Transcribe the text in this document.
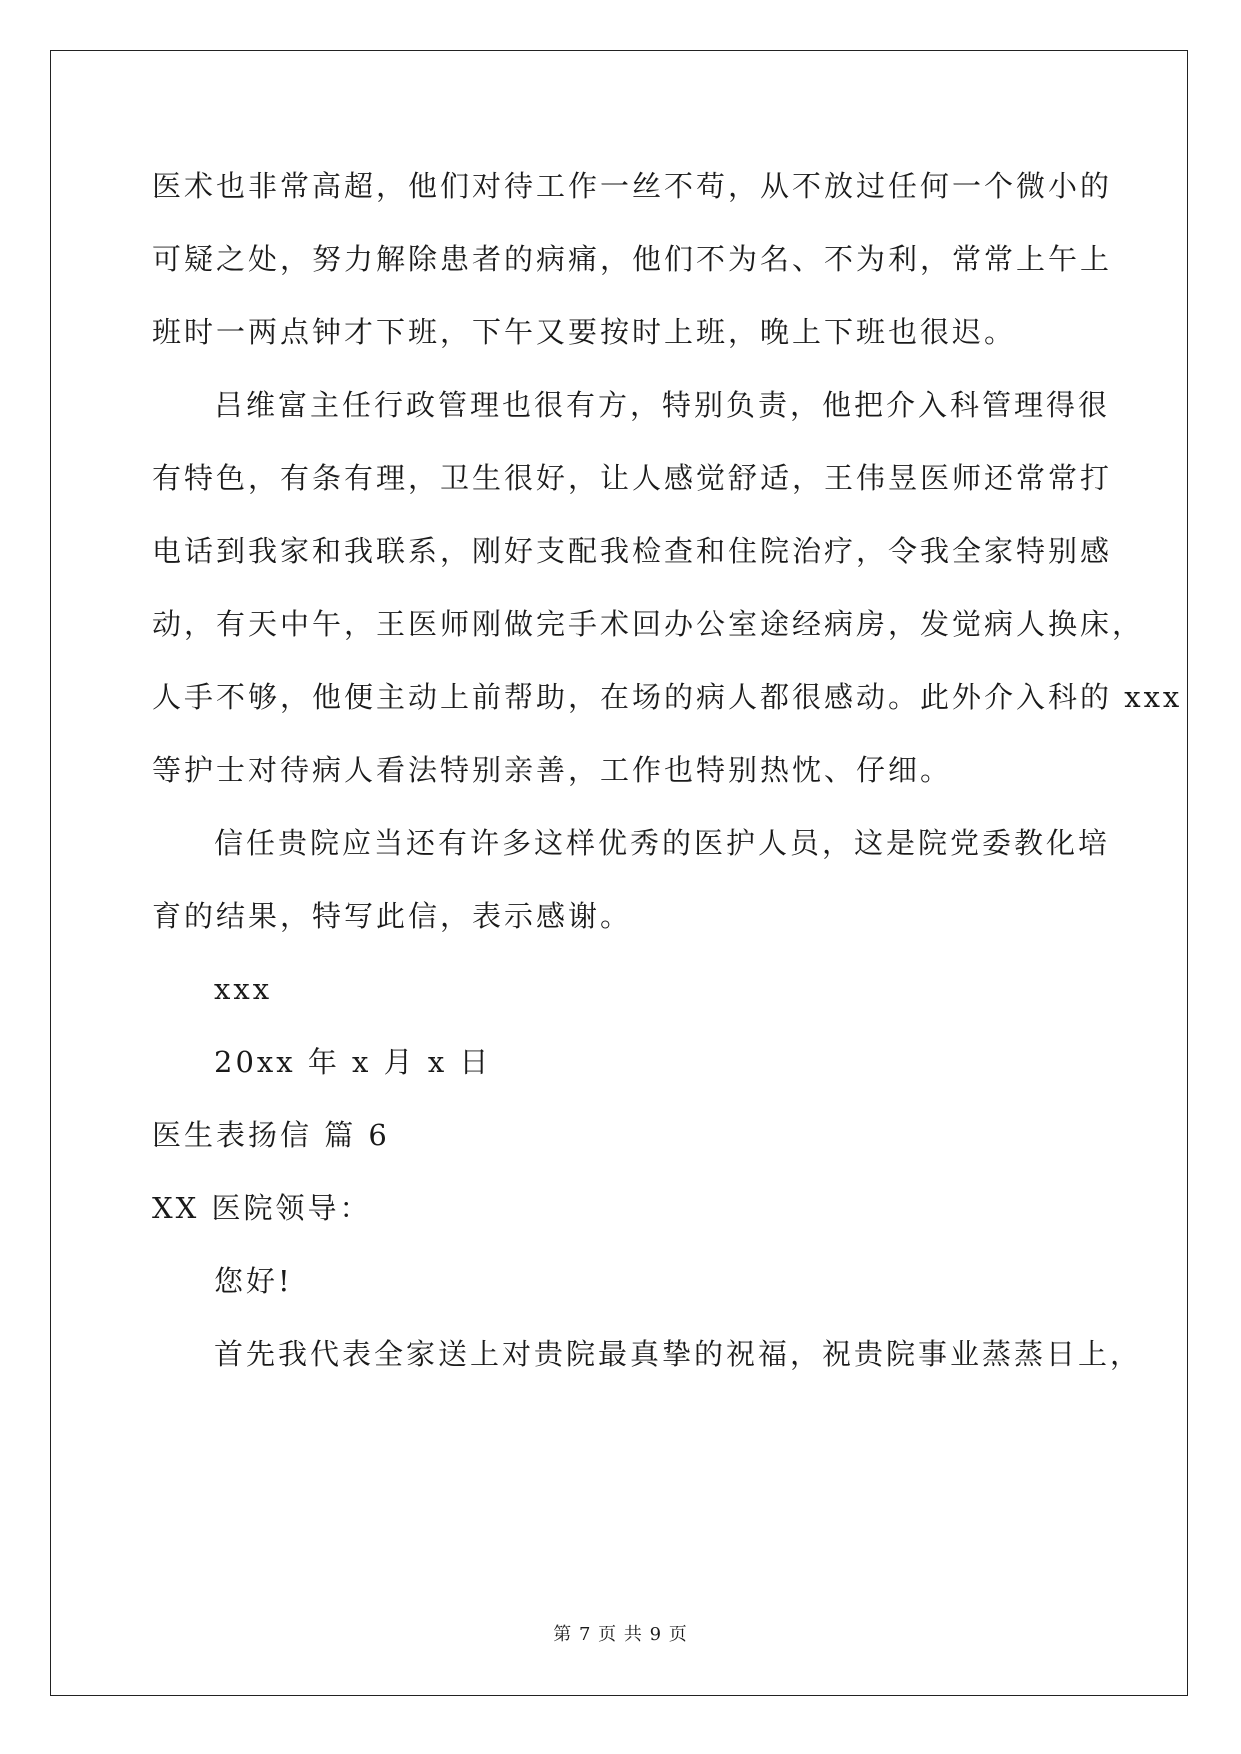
医术也非常高超，他们对待工作一丝不苟，从不放过任何一个微小的
可疑之处，努力解除患者的病痛，他们不为名、不为利，常常上午上
班时一两点钟才下班，下午又要按时上班，晚上下班也很迟。
吕维富主任行政管理也很有方，特别负责，他把介入科管理得很
有特色，有条有理，卫生很好，让人感觉舒适，王伟昱医师还常常打
电话到我家和我联系，刚好支配我检查和住院治疗，令我全家特别感
动，有天中午，王医师刚做完手术回办公室途经病房，发觉病人换床，
人手不够，他便主动上前帮助，在场的病人都很感动。此外介入科的 xxx
等护士对待病人看法特别亲善，工作也特别热忱、仔细。
信任贵院应当还有许多这样优秀的医护人员，这是院党委教化培
育的结果，特写此信，表示感谢。
xxx
20xx 年 x 月 x 日
医生表扬信 篇 6
XX 医院领导：
您好!
首先我代表全家送上对贵院最真挚的祝福，祝贵院事业蒸蒸日上，
第 7 页 共 9 页
